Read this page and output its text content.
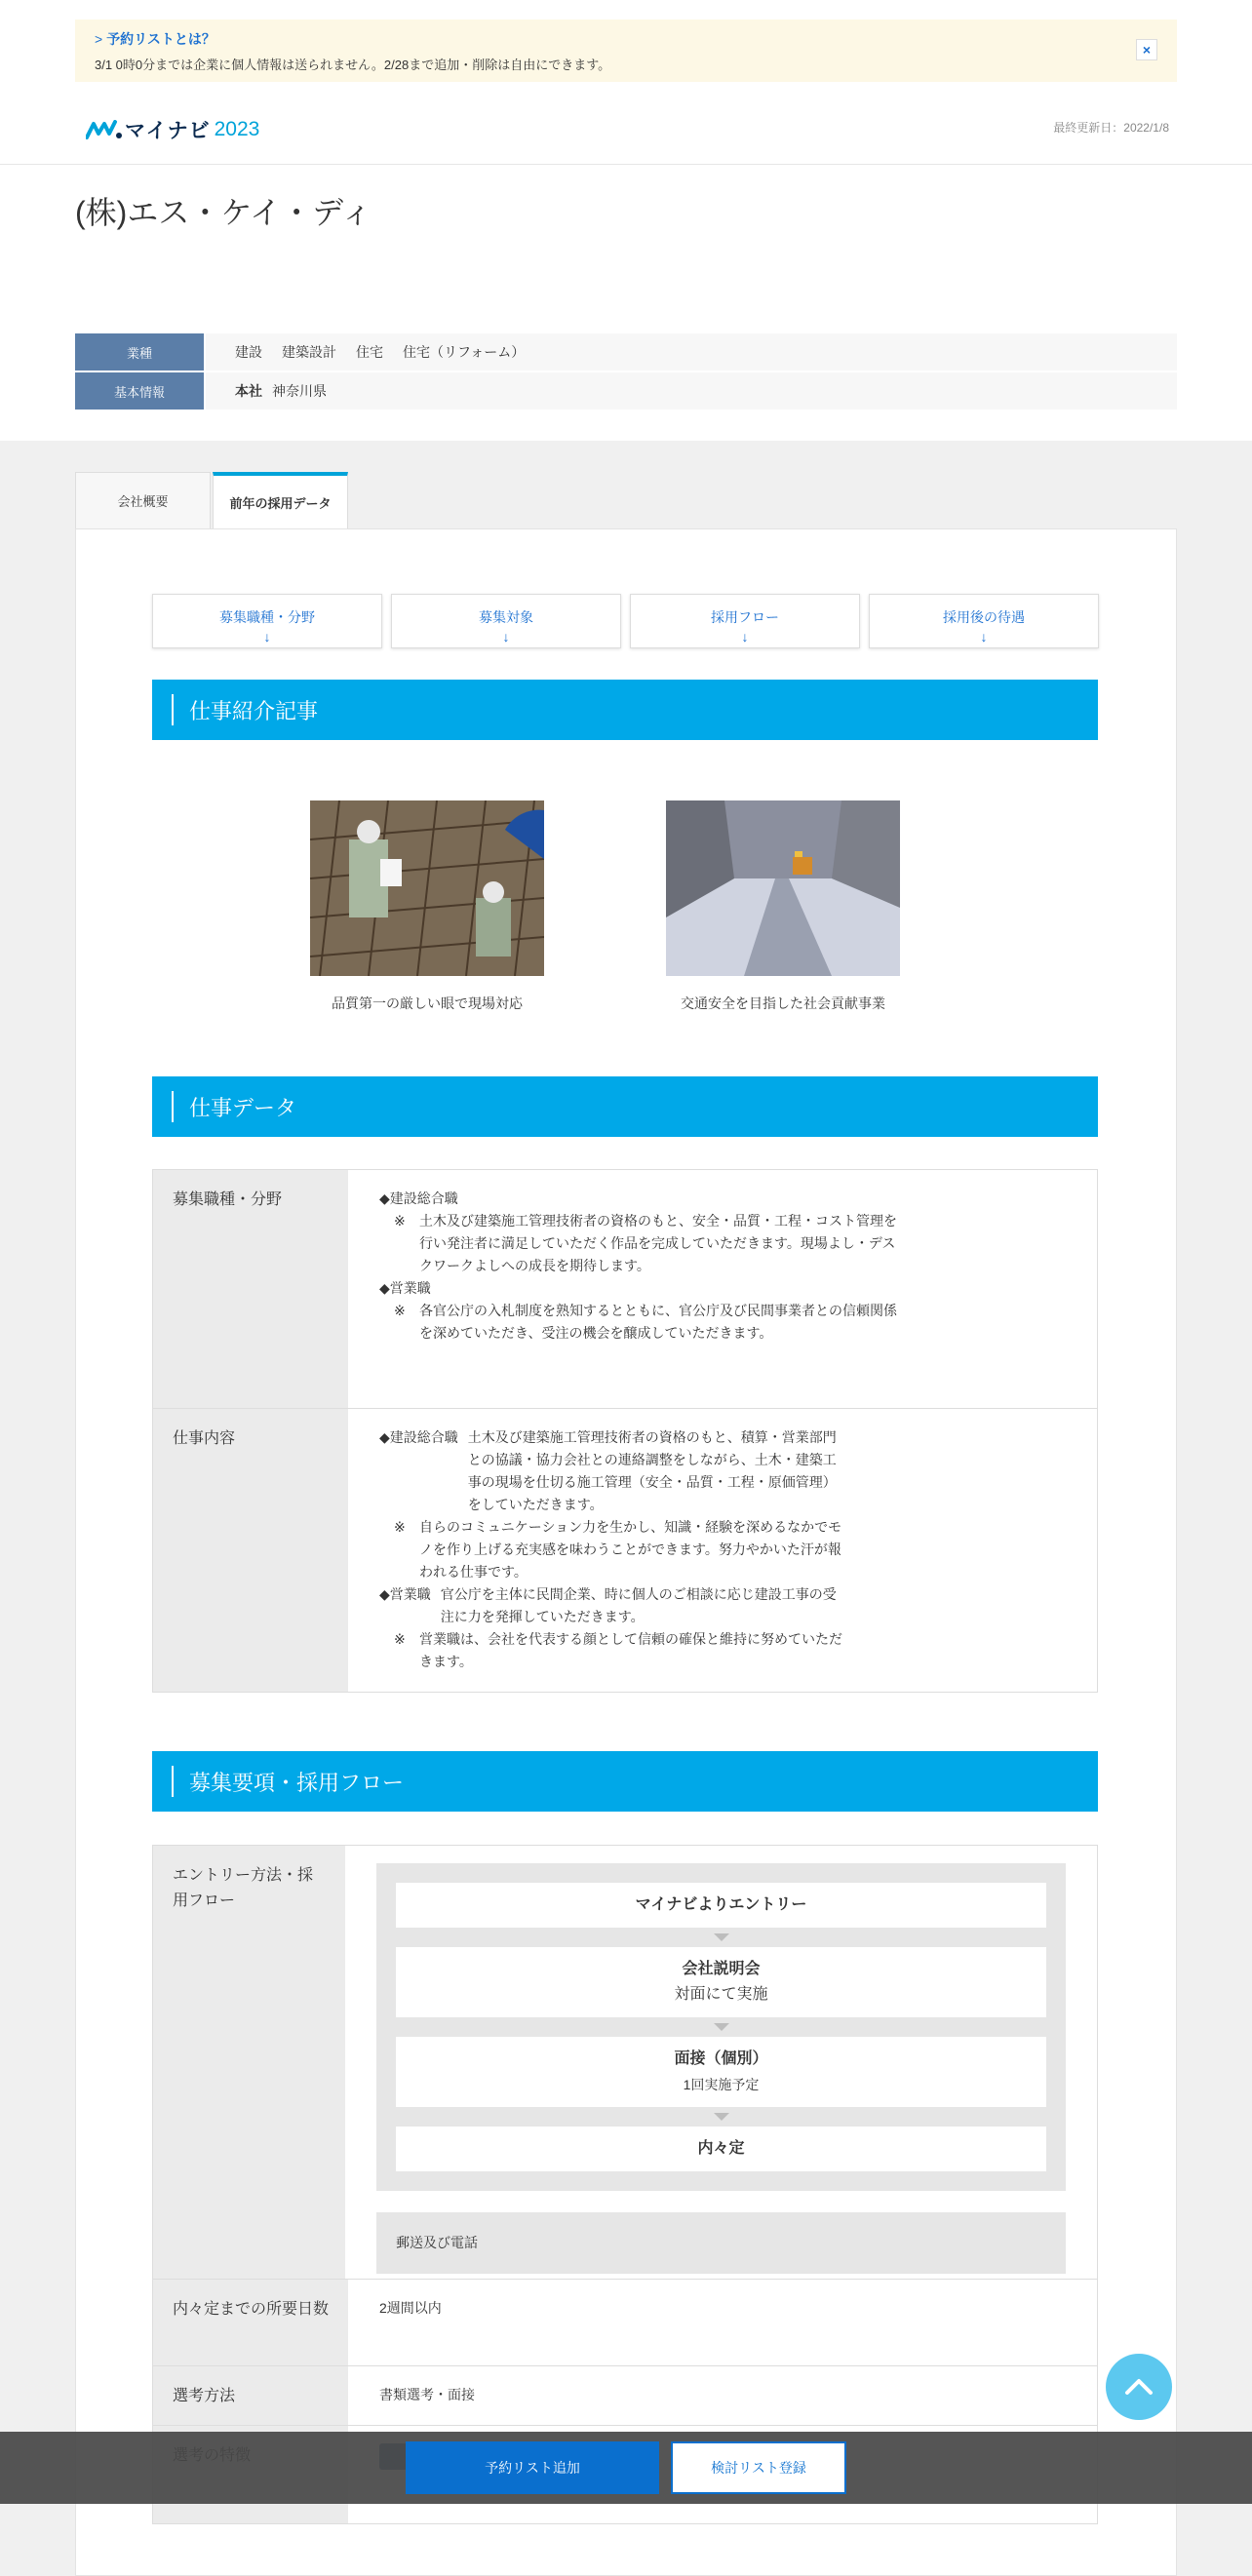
> 予約リストとは？
3/1 0時0分までは企業に個人情報は送られません。2/28まで追加・削除は自由にできます。
×
マイナビ 2023	最終更新日：2022/1/8
(株)エス・ケイ・ディ
業種	建設 建築設計 住宅 住宅（リフォーム）
基本情報	本社 神奈川県
会社概要	前年の採用データ
募集職種・分野
↓
募集対象
↓
採用フロー
↓
採用後の待遇
↓
仕事紹介記事
品質第一の厳しい眼で現場対応	交通安全を目指した社会貢献事業
仕事データ
募集職種・分野	◆建設総合職

※	土木及び建築施工管理技術者の資格のもと、安全・品質・工程・コスト管理を行い発注者に満足していただく作品を完成していただきます。現場よし・デスクワークよしへの成長を期待します。

◆営業職

※	各官公庁の入札制度を熟知するとともに、官公庁及び民間事業者との信頼関係を深めていただき、受注の機会を醸成していただきます。
仕事内容	◆建設総合職 土木及び建築施工管理技術者の資格のもと、積算・営業部門との協議・協力会社との連絡調整をしながら、土木・建築工事の現場を仕切る施工管理（安全・品質・工程・原価管理）をしていただきます。
※	自らのコミュニケーション力を生かし、知識・経験を深めるなかでモノを作り上げる充実感を味わうことができます。努力やかいた汗が報われる仕事です。
◆営業職 官公庁を主体に民間企業、時に個人のご相談に応じ建設工事の受注に力を発揮していただきます。
※	営業職は、会社を代表する顔として信頼の確保と維持に努めていただきます。
募集要項・採用フロー
エントリー方法・採用フロー	マイナビよりエントリー
会社説明会
対面にて実施
面接（個別）
1回実施予定
内々定
郵送及び電話
内々定までの所要日数	2週間以内
選考方法	書類選考・面接

予約リスト追加	検討リスト登録
